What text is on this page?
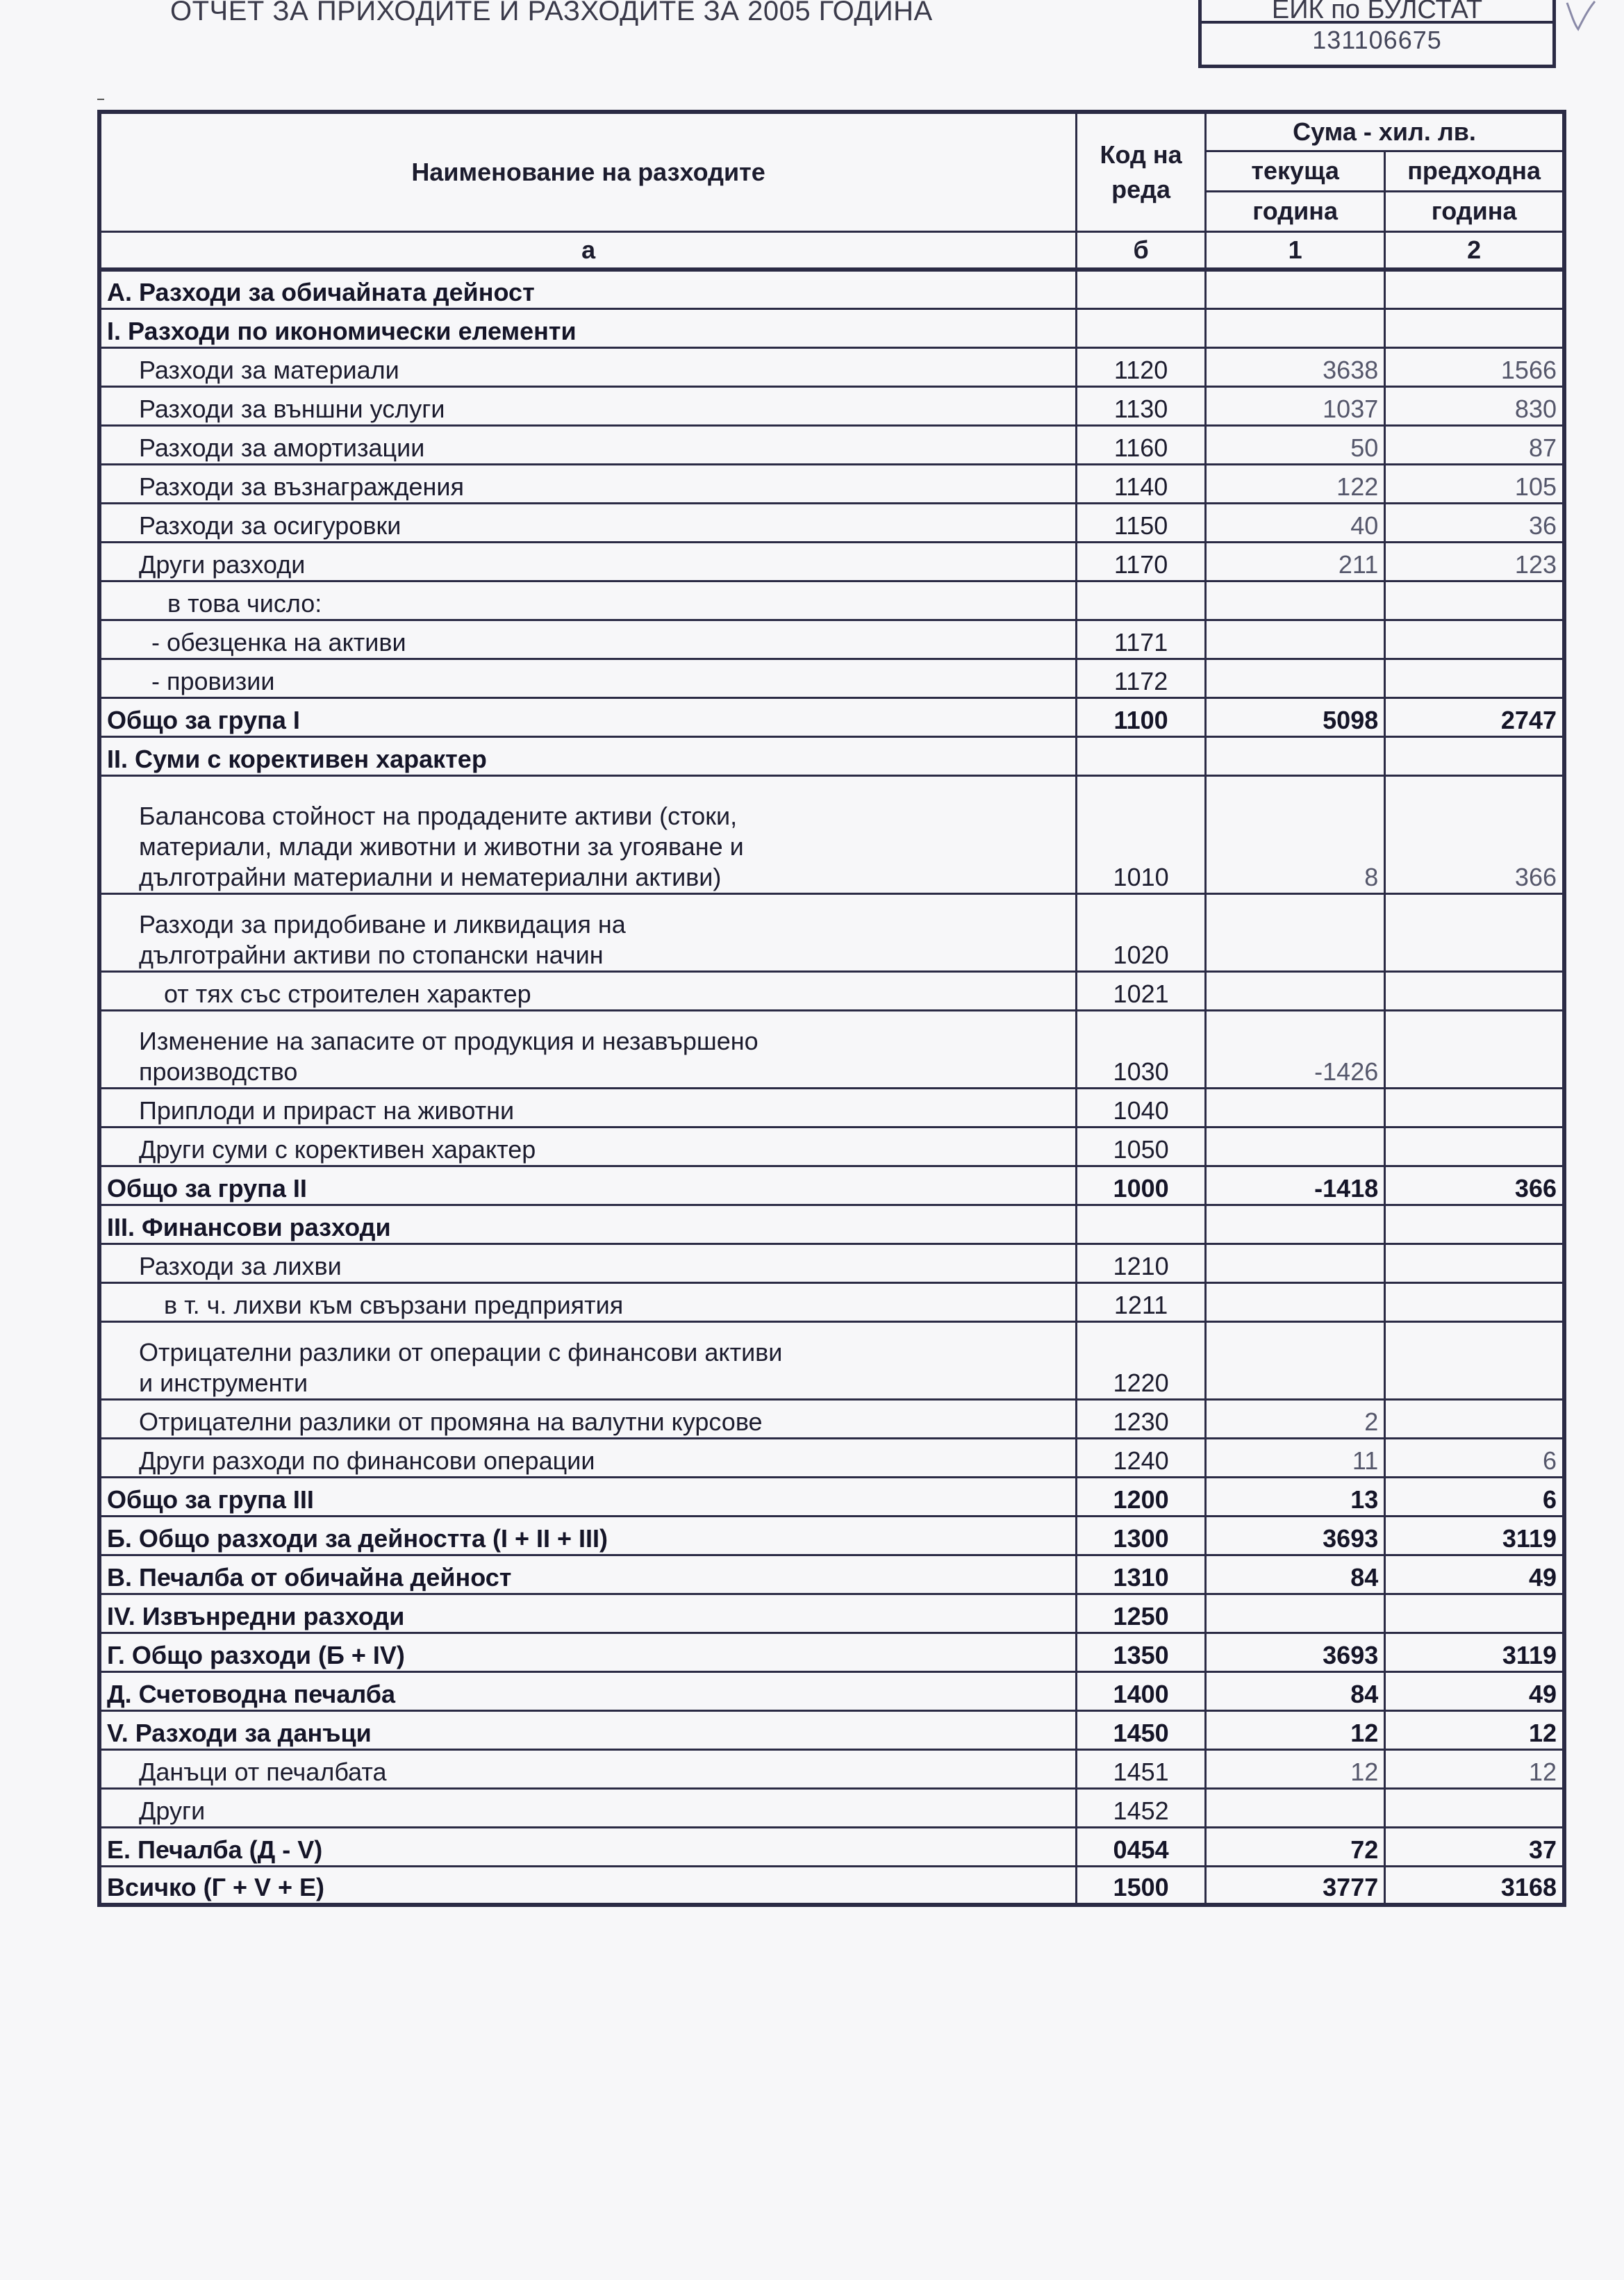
ОТЧЕТ ЗА ПРИХОДИТЕ И РАЗХОДИТЕ ЗА 2005 ГОДИНА	ЕИК по БУЛСТАТ
131106675
Наименование на разходите	Код на реда	Сума - хил. лв.	
		текуща	предходна
		година	година
а	б	1	2
А. Разходи за обичайната дейност			
I. Разходи по икономически елементи			
Разходи за материали	1120	3638	1566
Разходи за външни услуги	1130	1037	830
Разходи за амортизации	1160	50	87
Разходи за възнаграждения	1140	122	105
Разходи за осигуровки	1150	40	36
Други разходи	1170	211	123
в това число:			
- обезценка на активи	1171		
- провизии	1172		
Общо за група I	1100	5098	2747
II. Суми с корективен характер			
Балансова стойност на продадените активи (стоки,
материали, млади животни и животни за угояване и
дълготрайни материални и нематериални активи)	1010	8	366
Разходи за придобиване и ликвидация на
дълготрайни активи по стопански начин	1020		
от тях със строителен характер	1021		
Изменение на запасите от продукция и незавършено
производство	1030	-1426	
Приплоди и прираст на животни	1040		
Други суми с корективен характер	1050		
Общо за група II	1000	-1418	366
III. Финансови разходи			
Разходи за лихви	1210		
в т. ч. лихви към свързани предприятия	1211		
Отрицателни разлики от операции с финансови активи
и инструменти	1220		
Отрицателни разлики от промяна на валутни курсове	1230	2	
Други разходи по финансови операции	1240	11	6
Общо за група III	1200	13	6
Б. Общо разходи за дейността (I + II + III)	1300	3693	3119
В. Печалба от обичайна дейност	1310	84	49
IV. Извънредни разходи	1250		
Г. Общо разходи (Б + IV)	1350	3693	3119
Д. Счетоводна печалба	1400	84	49
V. Разходи за данъци	1450	12	12
Данъци от печалбата	1451	12	12
Други	1452		
Е. Печалба (Д - V)	0454	72	37
Всичко (Г + V + Е)	1500	3777	3168
